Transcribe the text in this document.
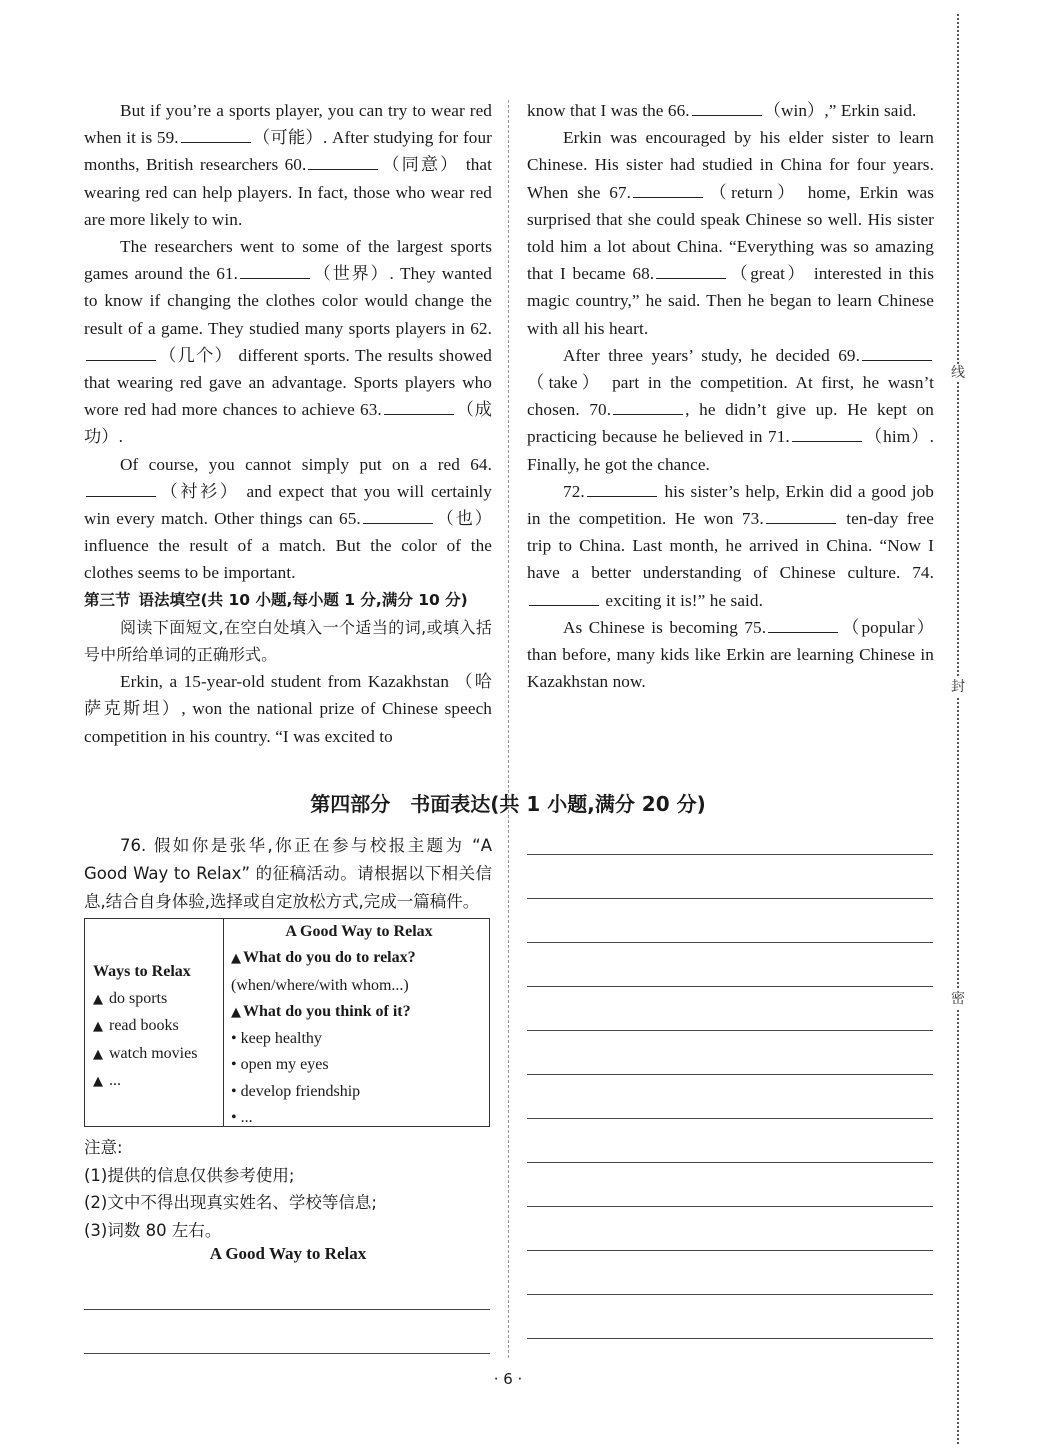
But if you’re a sports player, you can try to wear red when it is 59.	（可能）. After studying for four months, British researchers 60.	（同意） that wearing red can help players. In fact, those who wear red are more likely to win.

The researchers went to some of the largest sports games around the 61.	（世界）. They wanted to know if changing the clothes color would change the result of a game. They studied many sports players in 62.（几个） different sports. The results showed that wearing red gave an advantage. Sports players who wore red had more chances to achieve 63.	（成功）.

Of course, you cannot simply put on a red 64.（衬衫） and expect that you will certainly win every match. Other things can 65.	（也） influence the result of a match. But the color of the clothes seems to be important.

第三节 语法填空(共 10 小题,每小题 1 分,满分 10 分)

阅读下面短文,在空白处填入一个适当的词,或填入括号中所给单词的正确形式。

Erkin, a 15-year-old student from Kazakhstan （哈萨克斯坦）, won the national prize of Chinese speech competition in his country. “I was excited to

know that I was the 66.	（win）,” Erkin said.

Erkin was encouraged by his elder sister to learn Chinese. His sister had studied in China for four years. When she 67.	（return） home, Erkin was surprised that she could speak Chinese so well. His sister told him a lot about China. “Everything was so amazing that I became 68.	（great） interested in this magic country,” he said. Then he began to learn Chinese with all his heart.

After three years’ study, he decided 69.（take） part in the competition. At first, he wasn’t chosen. 70.	, he didn’t give up. He kept on practicing because he believed in 71.	（him）. Finally, he got the chance.

72.	his sister’s help, Erkin did a good job in the competition. He won 73.	ten-day free trip to China. Last month, he arrived in China. “Now I have a better understanding of Chinese culture. 74. exciting it is!” he said.

As Chinese is becoming 75.	（popular） than before, many kids like Erkin are learning Chinese in Kazakhstan now.

第四部分　书面表达(共 1 小题,满分 20 分)
76. 假如你是张华,你正在参与校报主题为 “A Good Way to Relax” 的征稿活动。请根据以下相关信息,结合自身体验,选择或自定放松方式,完成一篇稿件。
Ways to Relax
▲ do sports
▲ read books
▲ watch movies
▲ ...
A Good Way to Relax
▲ What do you do to relax?
(when/where/with whom...)
▲ What do you think of it?
• keep healthy
• open my eyes
• develop friendship
• ...
注意:
(1)提供的信息仅供参考使用;
(2)文中不得出现真实姓名、学校等信息;
(3)词数 80 左右。
A Good Way to Relax
· 6 ·
线
封
密
